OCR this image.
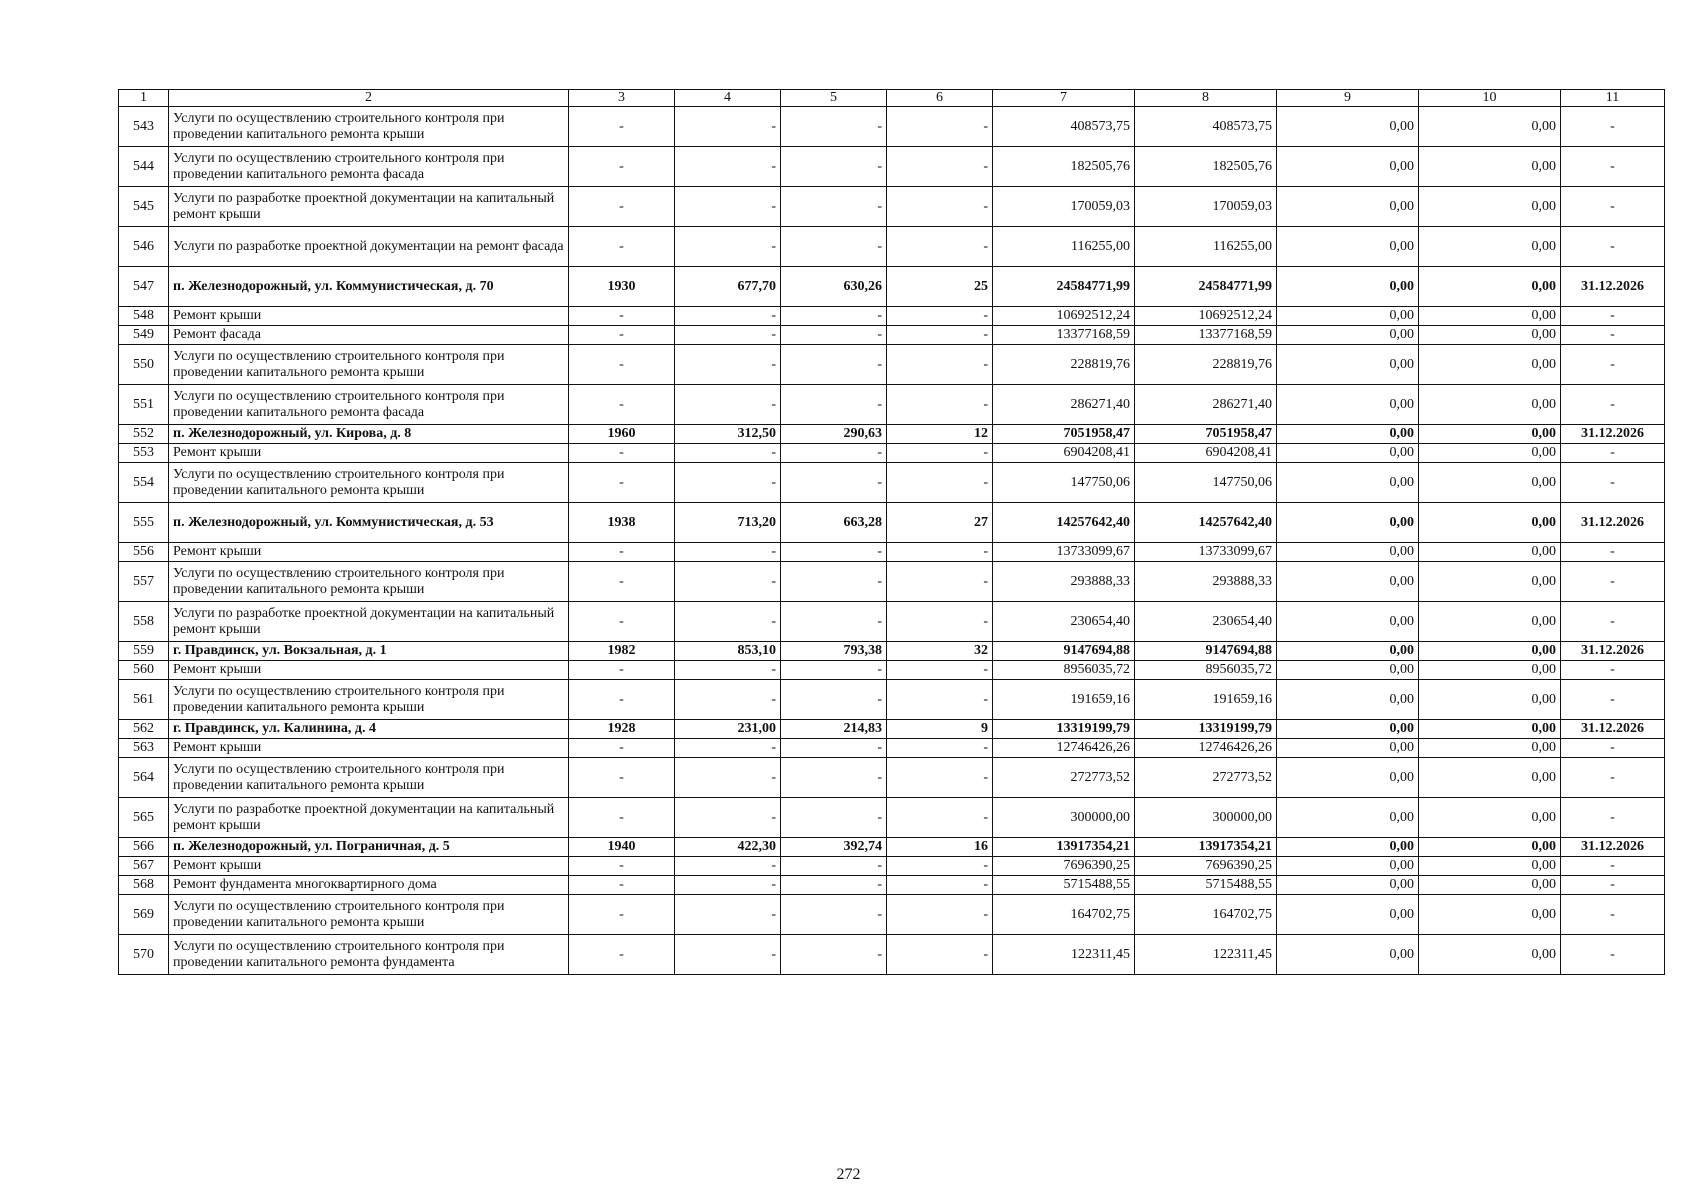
1	2	3	4	5	6	7	8	9	10	11
543	Услуги по осуществлению строительного контроля при проведении капитального ремонта крыши	-	-	-	-	408573,75	408573,75	0,00	0,00	-
544	Услуги по осуществлению строительного контроля при проведении капитального ремонта фасада	-	-	-	-	182505,76	182505,76	0,00	0,00	-
545	Услуги по разработке проектной документации на капитальный ремонт крыши	-	-	-	-	170059,03	170059,03	0,00	0,00	-
546	Услуги по разработке проектной документации на ремонт фасада	-	-	-	-	116255,00	116255,00	0,00	0,00	-
547	п. Железнодорожный, ул. Коммунистическая, д. 70	1930	677,70	630,26	25	24584771,99	24584771,99	0,00	0,00	31.12.2026
548	Ремонт крыши	-	-	-	-	10692512,24	10692512,24	0,00	0,00	-
549	Ремонт фасада	-	-	-	-	13377168,59	13377168,59	0,00	0,00	-
550	Услуги по осуществлению строительного контроля при проведении капитального ремонта крыши	-	-	-	-	228819,76	228819,76	0,00	0,00	-
551	Услуги по осуществлению строительного контроля при проведении капитального ремонта фасада	-	-	-	-	286271,40	286271,40	0,00	0,00	-
552	п. Железнодорожный, ул. Кирова, д. 8	1960	312,50	290,63	12	7051958,47	7051958,47	0,00	0,00	31.12.2026
553	Ремонт крыши	-	-	-	-	6904208,41	6904208,41	0,00	0,00	-
554	Услуги по осуществлению строительного контроля при проведении капитального ремонта крыши	-	-	-	-	147750,06	147750,06	0,00	0,00	-
555	п. Железнодорожный, ул. Коммунистическая, д. 53	1938	713,20	663,28	27	14257642,40	14257642,40	0,00	0,00	31.12.2026
556	Ремонт крыши	-	-	-	-	13733099,67	13733099,67	0,00	0,00	-
557	Услуги по осуществлению строительного контроля при проведении капитального ремонта крыши	-	-	-	-	293888,33	293888,33	0,00	0,00	-
558	Услуги по разработке проектной документации на капитальный ремонт крыши	-	-	-	-	230654,40	230654,40	0,00	0,00	-
559	г. Правдинск, ул. Вокзальная, д. 1	1982	853,10	793,38	32	9147694,88	9147694,88	0,00	0,00	31.12.2026
560	Ремонт крыши	-	-	-	-	8956035,72	8956035,72	0,00	0,00	-
561	Услуги по осуществлению строительного контроля при проведении капитального ремонта крыши	-	-	-	-	191659,16	191659,16	0,00	0,00	-
562	г. Правдинск, ул. Калинина, д. 4	1928	231,00	214,83	9	13319199,79	13319199,79	0,00	0,00	31.12.2026
563	Ремонт крыши	-	-	-	-	12746426,26	12746426,26	0,00	0,00	-
564	Услуги по осуществлению строительного контроля при проведении капитального ремонта крыши	-	-	-	-	272773,52	272773,52	0,00	0,00	-
565	Услуги по разработке проектной документации на капитальный ремонт крыши	-	-	-	-	300000,00	300000,00	0,00	0,00	-
566	п. Железнодорожный, ул. Пограничная, д. 5	1940	422,30	392,74	16	13917354,21	13917354,21	0,00	0,00	31.12.2026
567	Ремонт крыши	-	-	-	-	7696390,25	7696390,25	0,00	0,00	-
568	Ремонт фундамента многоквартирного дома	-	-	-	-	5715488,55	5715488,55	0,00	0,00	-
569	Услуги по осуществлению строительного контроля при проведении капитального ремонта крыши	-	-	-	-	164702,75	164702,75	0,00	0,00	-
570	Услуги по осуществлению строительного контроля при проведении капитального ремонта фундамента	-	-	-	-	122311,45	122311,45	0,00	0,00	-
272
